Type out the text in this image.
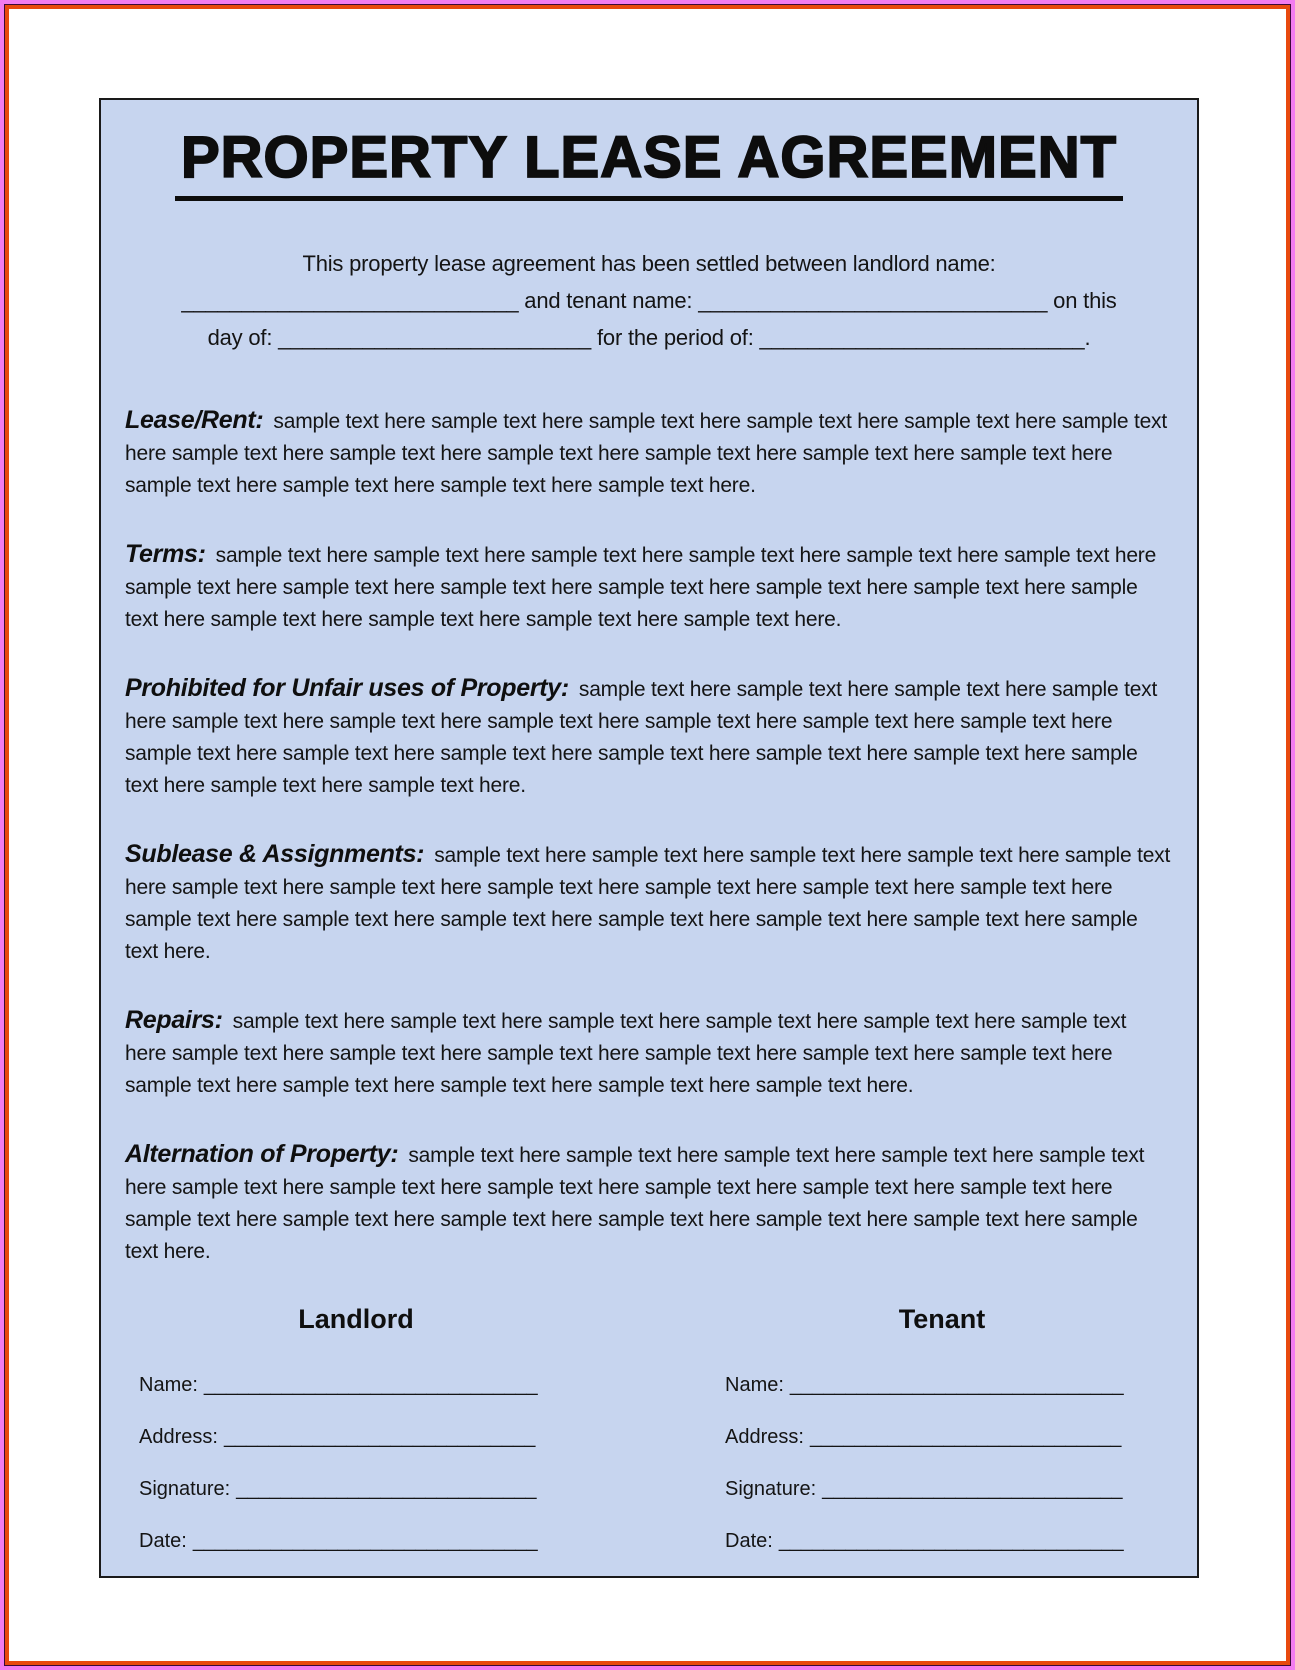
PROPERTY LEASE AGREEMENT
This property lease agreement has been settled between landlord name:
____________________________ and tenant name: _____________________________ on this
day of: __________________________ for the period of: ___________________________.

Lease/Rent: sample text here sample text here sample text here sample text here sample text here sample text here sample text here sample text here sample text here sample text here sample text here sample text here sample text here sample text here sample text here sample text here.

Terms: sample text here sample text here sample text here sample text here sample text here sample text here sample text here sample text here sample text here sample text here sample text here sample text here sample text here sample text here sample text here sample text here sample text here.

Prohibited for Unfair uses of Property: sample text here sample text here sample text here sample text here sample text here sample text here sample text here sample text here sample text here sample text here sample text here sample text here sample text here sample text here sample text here sample text here sample text here sample text here sample text here.

Sublease & Assignments: sample text here sample text here sample text here sample text here sample text here sample text here sample text here sample text here sample text here sample text here sample text here sample text here sample text here sample text here sample text here sample text here sample text here sample text here.

Repairs: sample text here sample text here sample text here sample text here sample text here sample text here sample text here sample text here sample text here sample text here sample text here sample text here sample text here sample text here sample text here sample text here sample text here.

Alternation of Property: sample text here sample text here sample text here sample text here sample text here sample text here sample text here sample text here sample text here sample text here sample text here sample text here sample text here sample text here sample text here sample text here sample text here sample text here.

Landlord
Name: ______________________________
Address: ____________________________
Signature: ___________________________
Date: _______________________________
Tenant
Name: ______________________________
Address: ____________________________
Signature: ___________________________
Date: _______________________________
